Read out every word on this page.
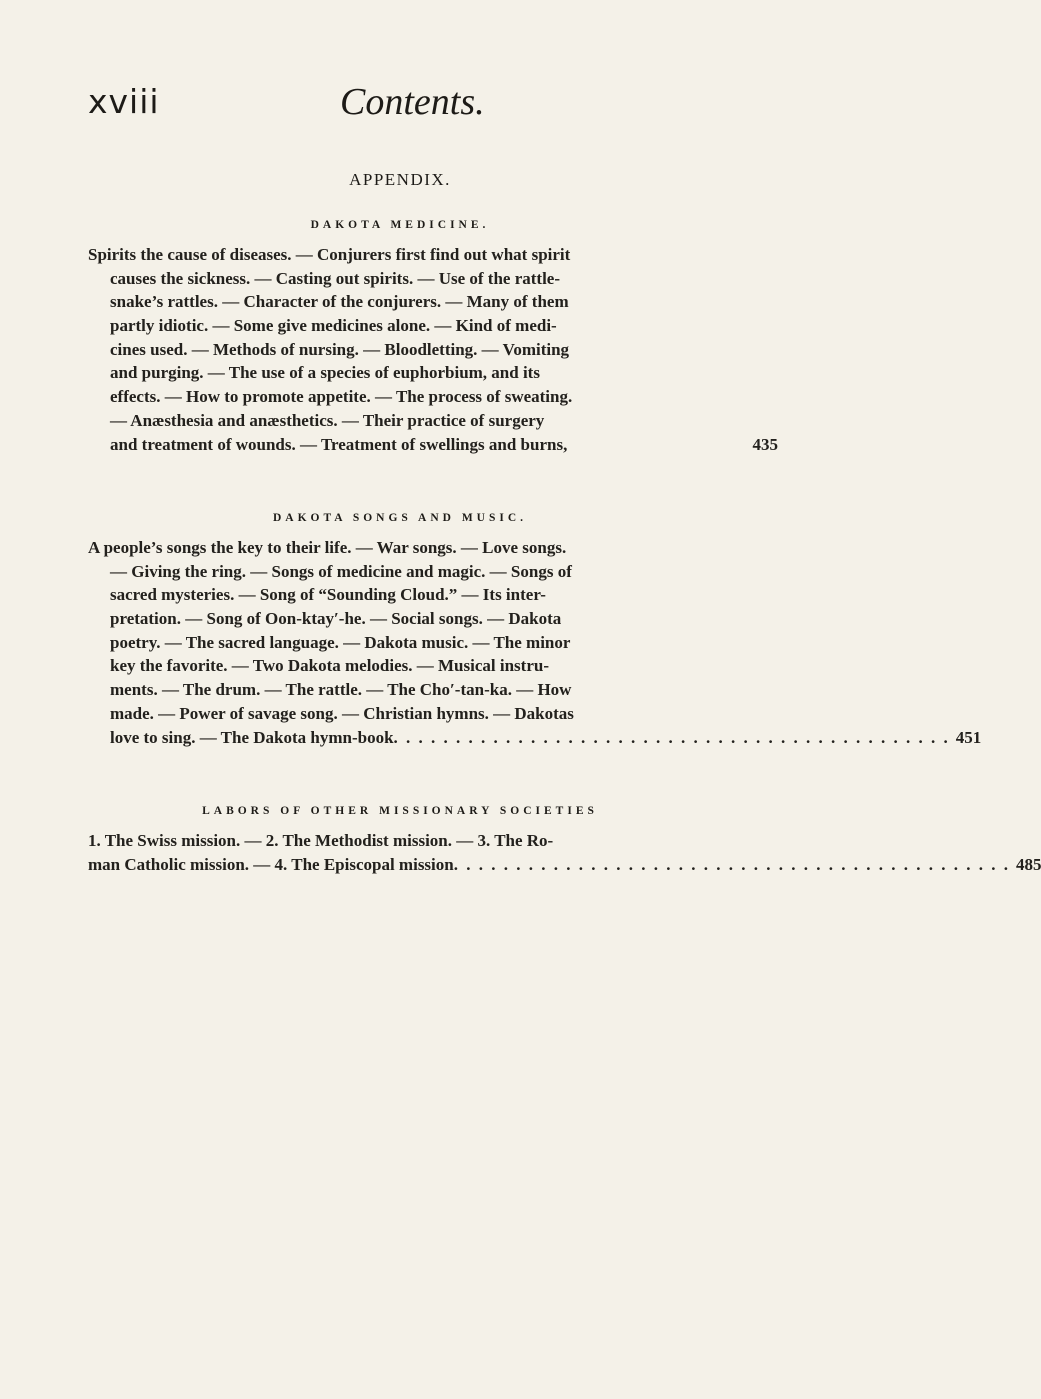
xviii	Contents.
APPENDIX.
DAKOTA MEDICINE.
Spirits the cause of diseases. — Conjurers first find out what spirit
causes the sickness. — Casting out spirits. — Use of the rattle-
snake’s rattles. — Character of the conjurers. — Many of them
partly idiotic. — Some give medicines alone. — Kind of medi-
cines used. — Methods of nursing. — Bloodletting. — Vomiting
and purging. — The use of a species of euphorbium, and its
effects. — How to promote appetite. — The process of sweating.
— Anæsthesia and anæsthetics. — Their practice of surgery
and treatment of wounds. — Treatment of swellings and burns,	435
DAKOTA SONGS AND MUSIC.
A people’s songs the key to their life. — War songs. — Love songs.
— Giving the ring. — Songs of medicine and magic. — Songs of
sacred mysteries. — Song of “Sounding Cloud.” — Its inter-
pretation. — Song of Oon-ktay′-he. — Social songs. — Dakota
poetry. — The sacred language. — Dakota music. — The minor
key the favorite. — Two Dakota melodies. — Musical instru-
ments. — The drum. — The rattle. — The Cho′-tan-ka. — How
made. — Power of savage song. — Christian hymns. — Dakotas
love to sing. — The Dakota hymn-book . . . . . . . . . . . . . . . . . . . . . . . . . . . . . . . . . . . . . . . . . . . . . 451
LABORS OF OTHER MISSIONARY SOCIETIES
1. The Swiss mission. — 2. The Methodist mission. — 3. The Ro-
man Catholic mission. — 4. The Episcopal mission . . . . . . . . . . . . . . . . . . . . . . . . . . . . . . . . . . . . . . . . . . . . . 485
